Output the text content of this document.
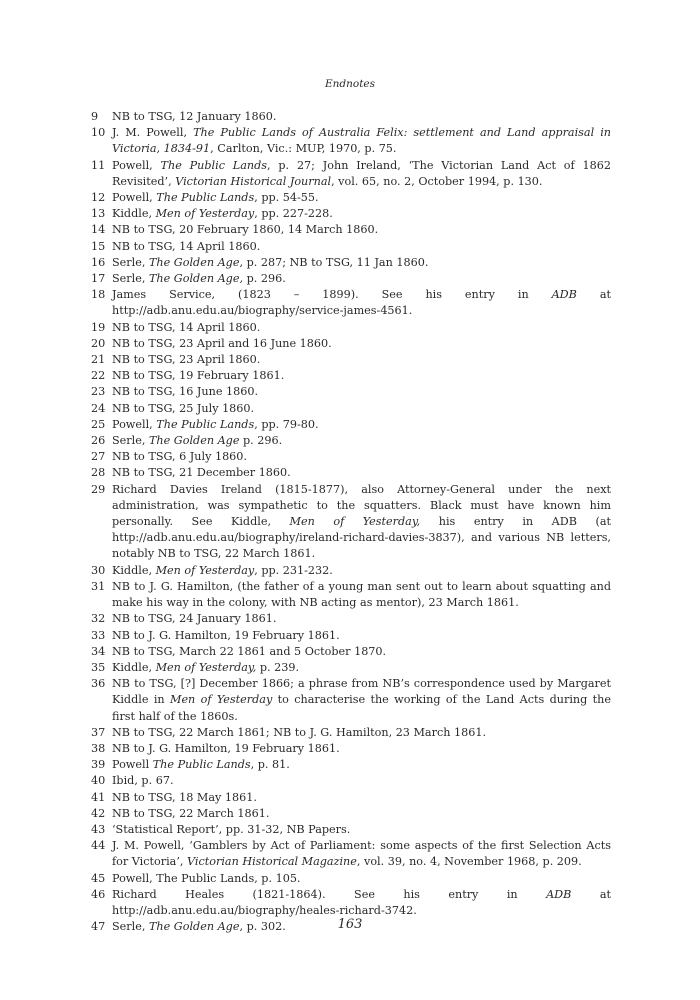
Endnotes
9	NB to TSG, 12 January 1860.
10 J. M. Powell, The Public Lands of Australia Felix: settlement and Land appraisal in Victoria, 1834-91, Carlton, Vic.: MUP, 1970, p. 75.
11 Powell, The Public Lands, p. 27; John Ireland, ‘The Victorian Land Act of 1862 Revisited’, Victorian Historical Journal, vol. 65, no. 2, October 1994, p. 130.
12 Powell, The Public Lands, pp. 54-55.
13 Kiddle, Men of Yesterday, pp. 227-228.
14 NB to TSG, 20 February 1860, 14 March 1860.
15 NB to TSG, 14 April 1860.
16 Serle, The Golden Age, p. 287; NB to TSG, 11 Jan 1860.
17 Serle, The Golden Age, p. 296.
18 James Service, (1823 – 1899). See his entry in ADB at http://adb.anu.edu.au/biography/service-james-4561.
19 NB to TSG, 14 April 1860.
20 NB to TSG, 23 April and 16 June 1860.
21 NB to TSG, 23 April 1860.
22 NB to TSG, 19 February 1861.
23 NB to TSG, 16 June 1860.
24 NB to TSG, 25 July 1860.
25 Powell, The Public Lands, pp. 79-80.
26 Serle, The Golden Age p. 296.
27 NB to TSG, 6 July 1860.
28 NB to TSG, 21 December 1860.
29 Richard Davies Ireland (1815-1877), also Attorney-General under the next administration, was sympathetic to the squatters. Black must have known him personally. See Kiddle, Men of Yesterday, his entry in ADB (at http://adb.anu.edu.au/biography/ireland-richard-davies-3837), and various NB letters, notably NB to TSG, 22 March 1861.
30 Kiddle, Men of Yesterday, pp. 231-232.
31 NB to J. G. Hamilton, (the father of a young man sent out to learn about squatting and make his way in the colony, with NB acting as mentor), 23 March 1861.
32 NB to TSG, 24 January 1861.
33 NB to J. G. Hamilton, 19 February 1861.
34 NB to TSG, March 22 1861 and 5 October 1870.
35 Kiddle, Men of Yesterday, p. 239.
36 NB to TSG, [?] December 1866; a phrase from NB’s correspondence used by Margaret Kiddle in Men of Yesterday to characterise the working of the Land Acts during the first half of the 1860s.
37 NB to TSG, 22 March 1861; NB to J. G. Hamilton, 23 March 1861.
38 NB to J. G. Hamilton, 19 February 1861.
39 Powell The Public Lands, p. 81.
40 Ibid, p. 67.
41 NB to TSG, 18 May 1861.
42 NB to TSG, 22 March 1861.
43 ‘Statistical Report’, pp. 31-32, NB Papers.
44 J. M. Powell, ‘Gamblers by Act of Parliament: some aspects of the first Selection Acts for Victoria’, Victorian Historical Magazine, vol. 39, no. 4, November 1968, p. 209.
45 Powell, The Public Lands, p. 105.
46 Richard Heales (1821-1864). See his entry in ADB at http://adb.anu.edu.au/biography/heales-richard-3742.
47 Serle, The Golden Age, p. 302.	163
